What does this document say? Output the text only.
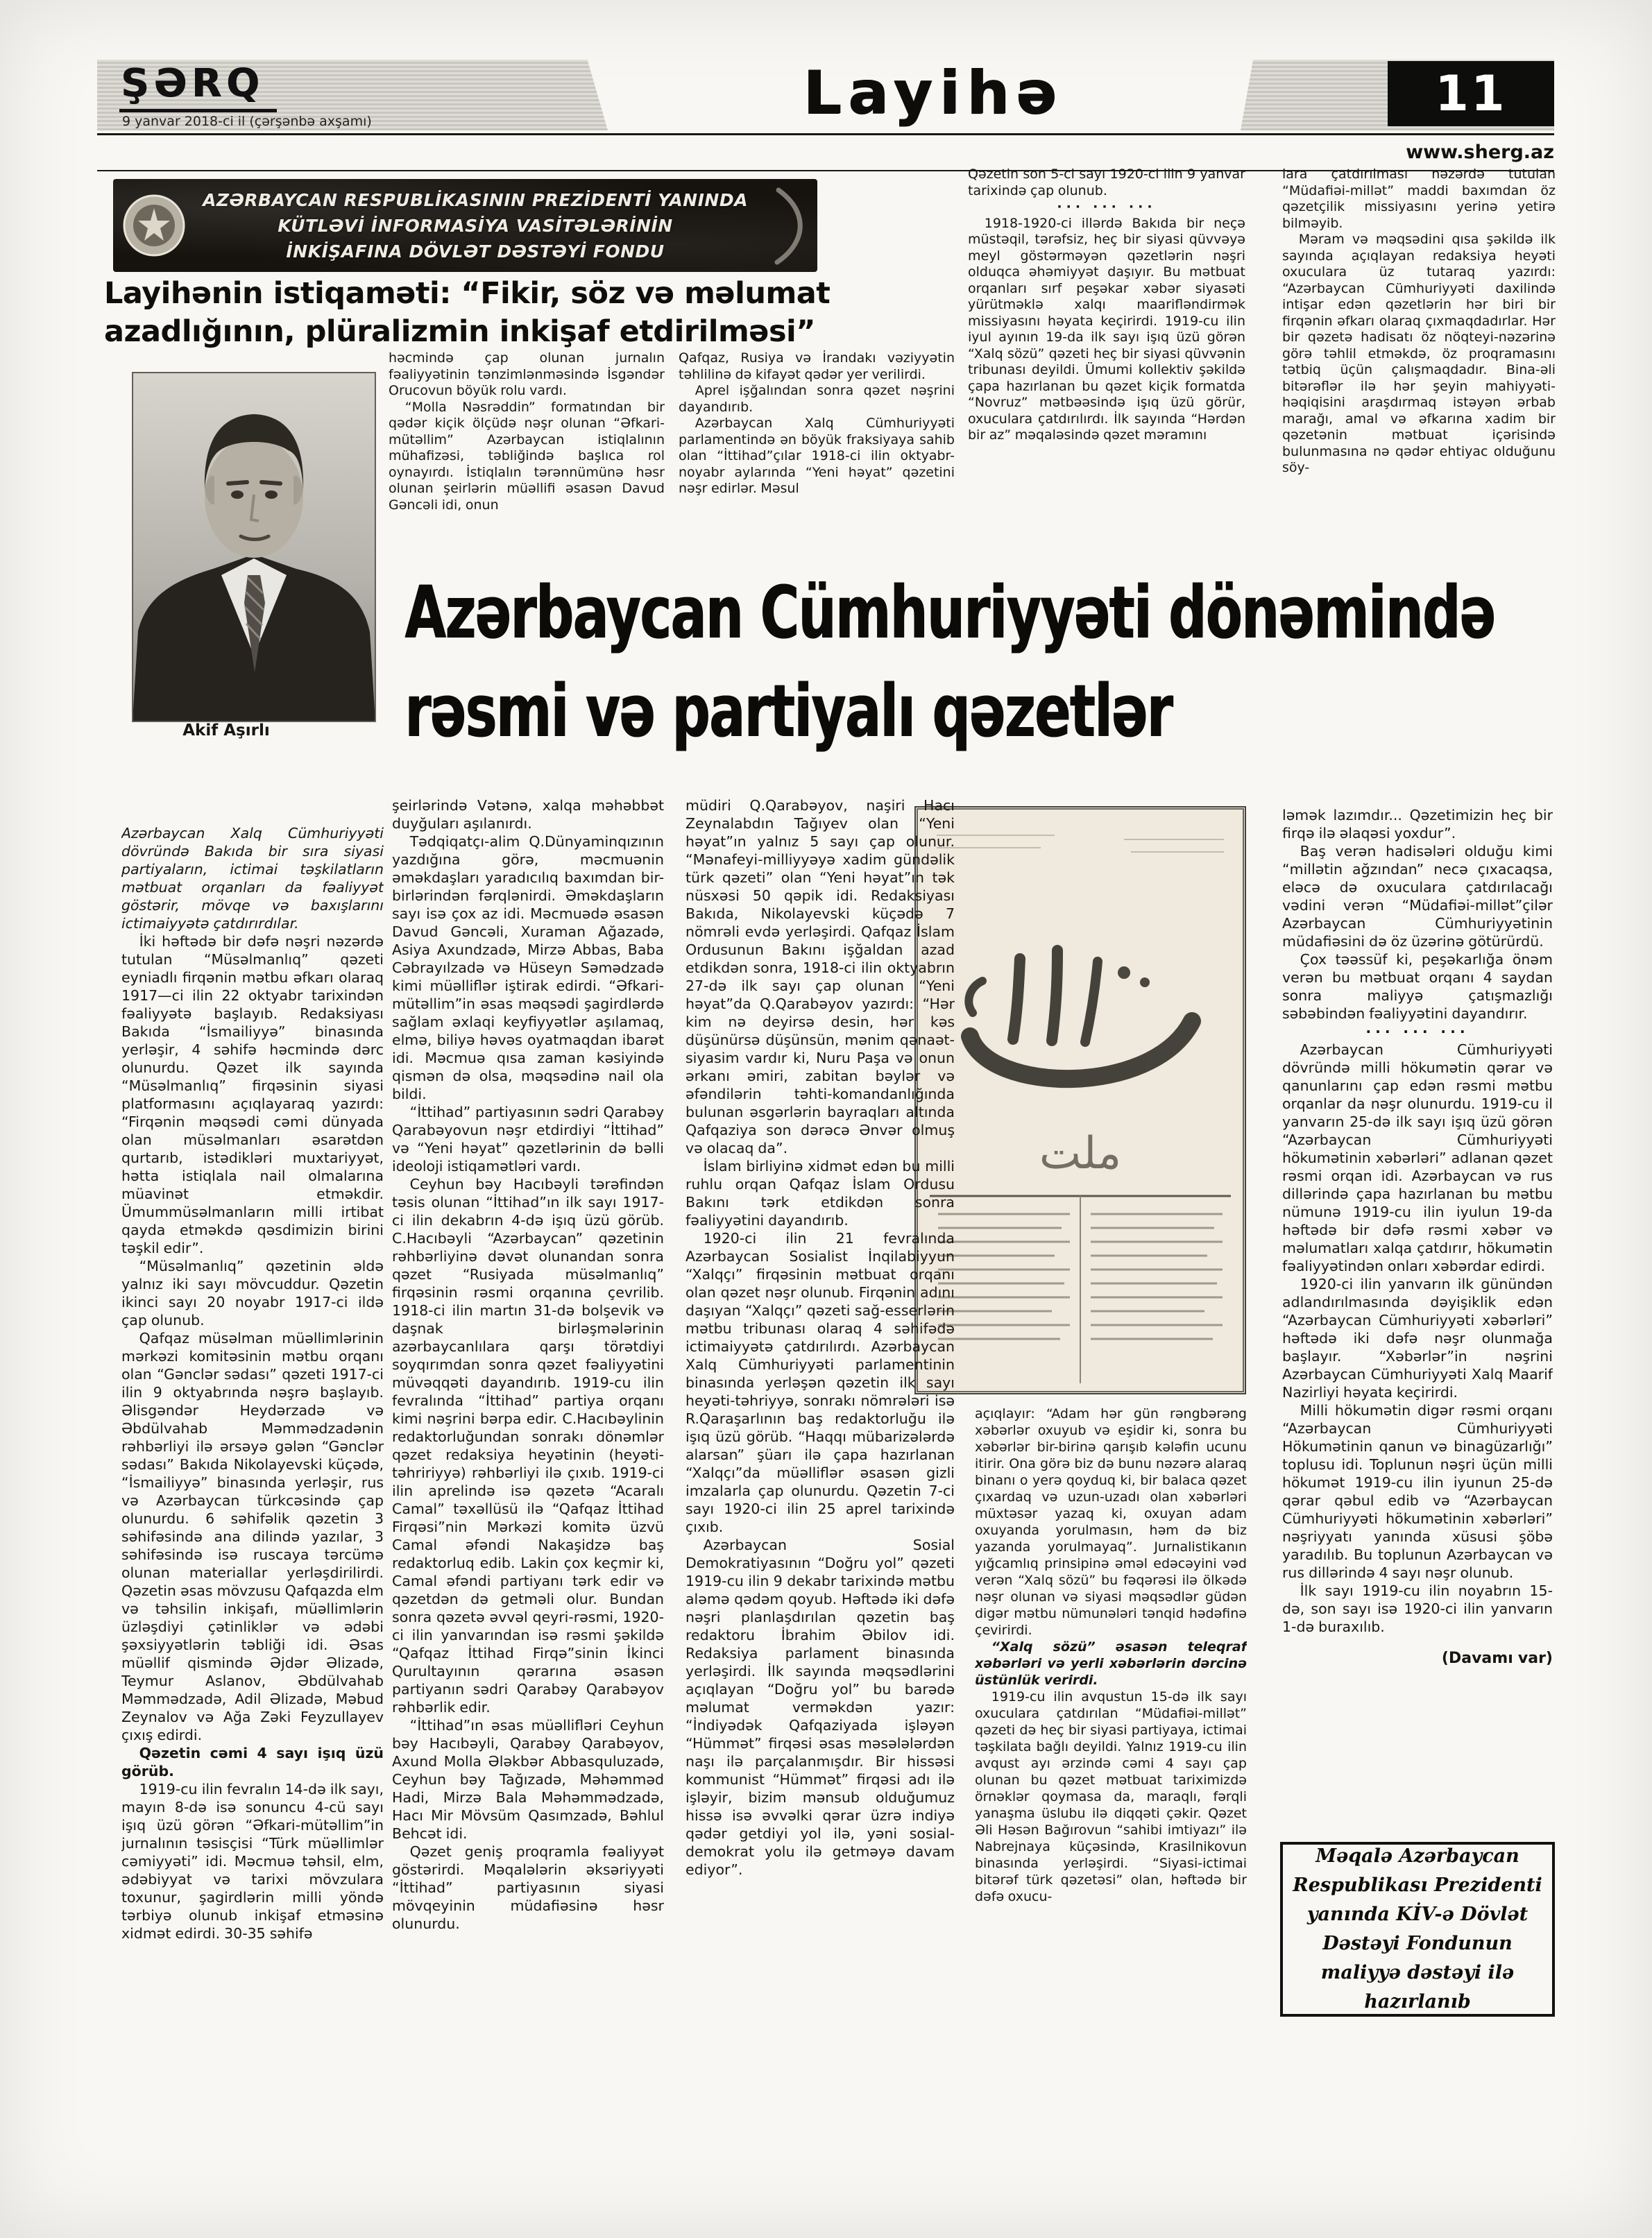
ŞƏRQ
9 yanvar 2018-ci il (çərşənbə axşamı)	Layihə	11
www.sherg.az
AZƏRBAYCAN RESPUBLİKASININ PREZİDENTİ YANINDA
KÜTLƏVİ İNFORMASİYA VASİTƏLƏRİNİN
İNKİŞAFINA DÖVLƏT DƏSTƏYİ FONDU
Layihənin istiqaməti: “Fikir, söz və məlumat azadlığının, plüralizmin inkişaf etdirilməsi”
Akif Aşırlı

həcmində çap olunan jurnalın fəaliyyətinin tənzimlənməsində İsgəndər Orucovun böyük rolu vardı.

“Molla Nəsrəddin” formatından bir qədər kiçik ölçüdə nəşr olunan “Əfkari-mütəllim” Azərbaycan istiqlalının mühafizəsi, təbliğində başlıca rol oynayırdı. İstiqlalın tərənnümünə həsr olunan şeirlərin müəllifi əsasən Davud Gəncəli idi, onun

Qafqaz, Rusiya və İrandakı vəziyyətin təhlilinə də kifayət qədər yer verilirdi.

Aprel işğalından sonra qəzet nəşrini dayandırıb.

Azərbaycan Xalq Cümhuriyyəti parlamentində ən böyük fraksiyaya sahib olan “İttihad”çılar 1918-ci ilin oktyabr-noyabr aylarında “Yeni həyat” qəzetini nəşr edirlər. Məsul

Qəzetin son 5-ci sayı 1920-ci ilin 9 yanvar tarixində çap olunub.

··· ··· ···

1918-1920-ci illərdə Bakıda bir neçə müstəqil, tərəfsiz, heç bir siyasi qüvvəyə meyl göstərməyən qəzetlərin nəşri olduqca əhəmiyyət daşıyır. Bu mətbuat orqanları sırf peşəkar xəbər siyasəti yürütməklə xalqı maarifləndirmək missiyasını həyata keçirirdi. 1919-cu ilin iyul ayının 19-da ilk sayı işıq üzü görən “Xalq sözü” qəzeti heç bir siyasi qüvvənin tribunası deyildi. Ümumi kollektiv şəkildə çapa hazırlanan bu qəzet kiçik formatda “Novruz” mətbəəsində işıq üzü görür, oxuculara çatdırılırdı. İlk sayında “Hərdən bir az” məqaləsində qəzet məramını

lara çatdırılması nəzərdə tutulan “Müdafiəi-millət” maddi baxımdan öz qəzetçilik missiyasını yerinə yetirə bilməyib.

Məram və məqsədini qısa şəkildə ilk sayında açıqlayan redaksiya heyəti oxuculara üz tutaraq yazırdı: “Azərbaycan Cümhuriyyəti daxilində intişar edən qəzetlərin hər biri bir firqənin əfkarı olaraq çıxmaqdadırlar. Hər bir qəzetə hadisatı öz nöqteyi-nəzərinə görə təhlil etməkdə, öz proqramasını tətbiq üçün çalışmaqdadır. Bina-əli bitərəflər ilə hər şeyin mahiyyəti-həqiqisini araşdırmaq istəyən ərbab marağı, amal və əfkarına xadim bir qəzetənin mətbuat içərisində bulunmasına nə qədər ehtiyac olduğunu söy-

Azərbaycan Cümhuriyyəti dönəmində
rəsmi və partiyalı qəzetlər
ملت

Azərbaycan Xalq Cümhuriyyəti dövründə Bakıda bir sıra siyasi partiyaların, ictimai təşkilatların mətbuat orqanları da fəaliyyət göstərir, mövqe və baxışlarını ictimaiyyətə çatdırırdılar.

İki həftədə bir dəfə nəşri nəzərdə tutulan “Müsəlmanlıq” qəzeti eyniadlı firqənin mətbu əfkarı olaraq 1917—ci ilin 22 oktyabr tarixindən fəaliyyətə başlayıb. Redaksiyası Bakıda “İsmailiyyə” binasında yerləşir, 4 səhifə həcmində dərc olunurdu. Qəzet ilk sayında “Müsəlmanlıq” firqəsinin siyasi platformasını açıqlayaraq yazırdı: “Firqənin məqsədi cəmi dünyada olan müsəlmanları əsarətdən qurtarıb, istədikləri muxtariyyət, hətta istiqlala nail olmalarına müavinət etməkdir. Ümummüsəlmanların milli irtibat qayda etməkdə qəsdimizin birini təşkil edir”.

“Müsəlmanlıq” qəzetinin əldə yalnız iki sayı mövcuddur. Qəzetin ikinci sayı 20 noyabr 1917-ci ildə çap olunub.

Qafqaz müsəlman müəllimlərinin mərkəzi komitəsinin mətbu orqanı olan “Gənclər sədası” qəzeti 1917-ci ilin 9 oktyabrında nəşrə başlayıb. Əlisgəndər Heydərzadə və Əbdülvahab Məmmədzadənin rəhbərliyi ilə ərsəyə gələn “Gənclər sədası” Bakıda Nikolayevski küçədə, “İsmailiyyə” binasında yerləşir, rus və Azərbaycan türkcəsində çap olunurdu. 6 səhifəlik qəzetin 3 səhifəsində ana dilində yazılar, 3 səhifəsində isə ruscaya tərcümə olunan materiallar yerləşdirilirdi. Qəzetin əsas mövzusu Qafqazda elm və təhsilin inkişafı, müəllimlərin üzləşdiyi çətinliklər və ədəbi şəxsiyyətlərin təbliği idi. Əsas müəllif qismində Əjdər Əlizadə, Teymur Aslanov, Əbdülvahab Məmmədzadə, Adil Əlizadə, Məbud Zeynalov və Ağa Zəki Feyzullayev çıxış edirdi.

Qəzetin cəmi 4 sayı işıq üzü görüb.

1919-cu ilin fevralın 14-də ilk sayı, mayın 8-də isə sonuncu 4-cü sayı işıq üzü görən “Əfkari-mütəllim”in jurnalının təsisçisi “Türk müəllimlər cəmiyyəti” idi. Məcmuə təhsil, elm, ədəbiyyat və tarixi mövzulara toxunur, şagirdlərin milli yöndə tərbiyə olunub inkişaf etməsinə xidmət edirdi. 30-35 səhifə

şeirlərində Vətənə, xalqa məhəbbət duyğuları aşılanırdı.

Tədqiqatçı-alim Q.Dünyaminqızının yazdığına görə, məcmuənin əməkdaşları yaradıcılıq baxımdan bir-birlərindən fərqlənirdi. Əməkdaşların sayı isə çox az idi. Məcmuədə əsasən Davud Gəncəli, Xuraman Ağazadə, Asiya Axundzadə, Mirzə Abbas, Baba Cəbrayılzadə və Hüseyn Səmədzadə kimi müəlliflər iştirak edirdi. “Əfkari-mütəllim”in əsas məqsədi şagirdlərdə sağlam əxlaqi keyfiyyətlər aşılamaq, elmə, biliyə həvəs oyatmaqdan ibarət idi. Məcmuə qısa zaman kəsiyində qismən də olsa, məqsədinə nail ola bildi.

“İttihad” partiyasının sədri Qarabəy Qarabəyovun nəşr etdirdiyi “İttihad” və “Yeni həyat” qəzetlərinin də bəlli ideoloji istiqamətləri vardı.

Ceyhun bəy Hacıbəyli tərəfindən təsis olunan “İttihad”ın ilk sayı 1917-ci ilin dekabrın 4-də işıq üzü görüb. C.Hacıbəyli “Azərbaycan” qəzetinin rəhbərliyinə dəvət olunandan sonra qəzet “Rusiyada müsəlmanlıq” firqəsinin rəsmi orqanına çevrilib. 1918-ci ilin martın 31-də bolşevik və daşnak birləşmələrinin azərbaycanlılara qarşı törətdiyi soyqırımdan sonra qəzet fəaliyyətini müvəqqəti dayandırıb. 1919-cu ilin fevralında “İttihad” partiya orqanı kimi nəşrini bərpa edir. C.Hacıbəylinin redaktorluğundan sonrakı dönəmlər qəzet redaksiya heyətinin (heyəti-təhririyyə) rəhbərliyi ilə çıxıb. 1919-ci ilin aprelində isə qəzetə “Acaralı Camal” təxəllüsü ilə “Qafqaz İttihad Firqəsi”nin Mərkəzi komitə üzvü Camal əfəndi Nakaşidzə baş redaktorluq edib. Lakin çox keçmir ki, Camal əfəndi partiyanı tərk edir və qəzetdən də getməli olur. Bundan sonra qəzetə əvvəl qeyri-rəsmi, 1920-ci ilin yanvarından isə rəsmi şəkildə “Qafqaz İttihad Firqə”sinin İkinci Qurultayının qərarına əsasən partiyanın sədri Qarabəy Qarabəyov rəhbərlik edir.

“İttihad”ın əsas müəllifləri Ceyhun bəy Hacıbəyli, Qarabəy Qarabəyov, Axund Molla Ələkbər Abbasquluzadə, Ceyhun bəy Tağızadə, Məhəmməd Hadi, Mirzə Bala Məhəmmədzadə, Hacı Mir Mövsüm Qasımzadə, Bəhlul Behcət idi.

Qəzet geniş proqramla fəaliyyət göstərirdi. Məqalələrin əksəriyyəti “İttihad” partiyasının siyasi mövqeyinin müdafiəsinə həsr olunurdu.

müdiri Q.Qarabəyov, naşiri Hacı Zeynalabdın Tağıyev olan “Yeni həyat”ın yalnız 5 sayı çap olunur. “Mənafeyi-milliyyəyə xadim gündəlik türk qəzeti” olan “Yeni həyat”ın tək nüsxəsi 50 qəpik idi. Redaksiyası Bakıda, Nikolayevski küçədə 7 nömrəli evdə yerləşirdi. Qafqaz İslam Ordusunun Bakını işğaldan azad etdikdən sonra, 1918-ci ilin oktyabrın 27-də ilk sayı çap olunan “Yeni həyat”da Q.Qarabəyov yazırdı: “Hər kim nə deyirsə desin, hər kəs düşünürsə düşünsün, mənim qənaət-siyasim vardır ki, Nuru Paşa və onun ərkanı əmiri, zabitan bəylər və əfəndilərin təhti-komandanlığında bulunan əsgərlərin bayraqları altında Qafqaziya son dərəcə Ənvər olmuş və olacaq da”.

İslam birliyinə xidmət edən bu milli ruhlu orqan Qafqaz İslam Ordusu Bakını tərk etdikdən sonra fəaliyyətini dayandırıb.

1920-ci ilin 21 fevralında Azərbaycan Sosialist İnqilabiyyun “Xalqçı” firqəsinin mətbuat orqanı olan qəzet nəşr olunub. Firqənin adını daşıyan “Xalqçı” qəzeti sağ-esserlərin mətbu tribunası olaraq 4 səhifədə ictimaiyyətə çatdırılırdı. Azərbaycan Xalq Cümhuriyyəti parlamentinin binasında yerləşən qəzetin ilk sayı heyəti-təhriyyə, sonrakı nömrələri isə R.Qaraşarlının baş redaktorluğu ilə işıq üzü görüb. “Haqqı mübarizələrdə alarsan” şüarı ilə çapa hazırlanan “Xalqçı”da müəlliflər əsasən gizli imzalarla çap olunurdu. Qəzetin 7-ci sayı 1920-ci ilin 25 aprel tarixində çıxıb.

Azərbaycan Sosial Demokratiyasının “Doğru yol” qəzeti 1919-cu ilin 9 dekabr tarixində mətbu aləmə qədəm qoyub. Həftədə iki dəfə nəşri planlaşdırılan qəzetin baş redaktoru İbrahim Əbilov idi. Redaksiya parlament binasında yerləşirdi. İlk sayında məqsədlərini açıqlayan “Doğru yol” bu barədə məlumat verməkdən yazır: “İndiyədək Qafqaziyada işləyən “Hümmət” firqəsi əsas məsələlərdən naşı ilə parçalanmışdır. Bir hissəsi kommunist “Hümmət” firqəsi adı ilə işləyir, bizim mənsub olduğumuz hissə isə əvvəlki qərar üzrə indiyə qədər getdiyi yol ilə, yəni sosial-demokrat yolu ilə getməyə davam ediyor”.

açıqlayır: “Adam hər gün rəngbərəng xəbərlər oxuyub və eşidir ki, sonra bu xəbərlər bir-birinə qarışıb kələfin ucunu itirir. Ona görə biz də bunu nəzərə alaraq binanı o yerə qoyduq ki, bir balaca qəzet çıxardaq və uzun-uzadı olan xəbərləri müxtəsər yazaq ki, oxuyan adam oxuyanda yorulmasın, həm də biz yazanda yorulmayaq”. Jurnalistikanın yığcamlıq prinsipinə əməl edəcəyini vəd verən “Xalq sözü” bu fəqərəsi ilə ölkədə nəşr olunan və siyasi məqsədlər güdən digər mətbu nümunələri tənqid hədəfinə çevirirdi.

“Xalq sözü” əsasən teleqraf xəbərləri və yerli xəbərlərin dərcinə üstünlük verirdi.

1919-cu ilin avqustun 15-də ilk sayı oxuculara çatdırılan “Müdafiəi-millət” qəzeti də heç bir siyasi partiyaya, ictimai təşkilata bağlı deyildi. Yalnız 1919-cu ilin avqust ayı ərzində cəmi 4 sayı çap olunan bu qəzet mətbuat tariximizdə örnəklər qoymasa da, maraqlı, fərqli yanaşma üslubu ilə diqqəti çəkir. Qəzet Əli Həsən Bağırovun “sahibi imtiyazı” ilə Nabrejnaya küçəsində, Krasilnikovun binasında yerləşirdi. “Siyasi-ictimai bitərəf türk qəzetəsi” olan, həftədə bir dəfə oxucu-

ləmək lazımdır... Qəzetimizin heç bir firqə ilə əlaqəsi yoxdur”.

Baş verən hadisələri olduğu kimi “millətin ağzından” necə çıxacaqsa, eləcə də oxuculara çatdırılacağı vədini verən “Müdafiəi-millət”çilər Azərbaycan Cümhuriyyətinin müdafiəsini də öz üzərinə götürürdü.

Çox təəssüf ki, peşəkarlığa önəm verən bu mətbuat orqanı 4 saydan sonra maliyyə çatışmazlığı səbəbindən fəaliyyətini dayandırır.

··· ··· ···

Azərbaycan Cümhuriyyəti dövründə milli hökumətin qərar və qanunlarını çap edən rəsmi mətbu orqanlar da nəşr olunurdu. 1919-cu il yanvarın 25-də ilk sayı işıq üzü görən “Azərbaycan Cümhuriyyəti hökumətinin xəbərləri” adlanan qəzet rəsmi orqan idi. Azərbaycan və rus dillərində çapa hazırlanan bu mətbu nümunə 1919-cu ilin iyulun 19-da həftədə bir dəfə rəsmi xəbər və məlumatları xalqa çatdırır, hökumətin fəaliyyətindən onları xəbərdar edirdi.

1920-ci ilin yanvarın ilk günündən adlandırılmasında dəyişiklik edən “Azərbaycan Cümhuriyyəti xəbərləri” həftədə iki dəfə nəşr olunmağa başlayır. “Xəbərlər”in nəşrini Azərbaycan Cümhuriyyəti Xalq Maarif Nazirliyi həyata keçirirdi.

Milli hökumətin digər rəsmi orqanı “Azərbaycan Cümhuriyyəti Hökumətinin qanun və binagüzarlığı” toplusu idi. Toplunun nəşri üçün milli hökumət 1919-cu ilin iyunun 25-də qərar qəbul edib və “Azərbaycan Cümhuriyyəti hökumətinin xəbərləri” nəşriyyatı yanında xüsusi şöbə yaradılıb. Bu toplunun Azərbaycan və rus dillərində 4 sayı nəşr olunub.

İlk sayı 1919-cu ilin noyabrın 15-də, son sayı isə 1920-ci ilin yanvarın 1-də buraxılıb.

(Davamı var)
Məqalə Azərbaycan Respublikası Prezidenti yanında KİV-ə Dövlət Dəstəyi Fondunun maliyyə dəstəyi ilə hazırlanıb
